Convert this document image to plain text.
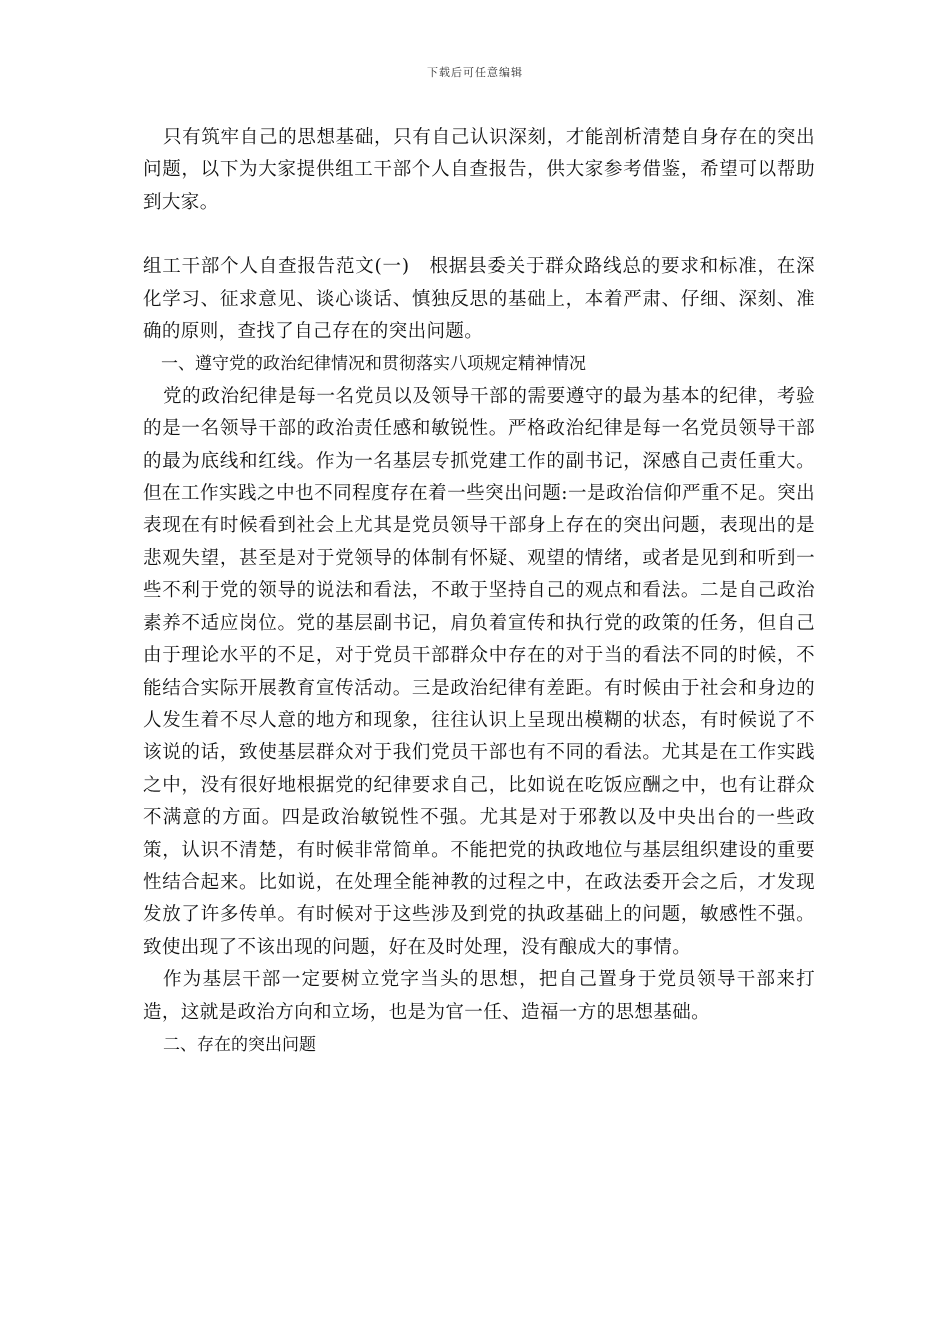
下载后可任意编辑

只有筑牢自己的思想基础，只有自己认识深刻，才能剖析清楚自身存在的突出问题，以下为大家提供组工干部个人自查报告，供大家参考借鉴，希望可以帮助到大家。

组工干部个人自查报告范文(一)   根据县委关于群众路线总的要求和标准，在深化学习、征求意见、谈心谈话、慎独反思的基础上，本着严肃、仔细、深刻、准确的原则，查找了自己存在的突出问题。

一、遵守党的政治纪律情况和贯彻落实八项规定精神情况

党的政治纪律是每一名党员以及领导干部的需要遵守的最为基本的纪律，考验的是一名领导干部的政治责任感和敏锐性。严格政治纪律是每一名党员领导干部的最为底线和红线。作为一名基层专抓党建工作的副书记，深感自己责任重大。但在工作实践之中也不同程度存在着一些突出问题:一是政治信仰严重不足。突出表现在有时候看到社会上尤其是党员领导干部身上存在的突出问题，表现出的是悲观失望，甚至是对于党领导的体制有怀疑、观望的情绪，或者是见到和听到一些不利于党的领导的说法和看法，不敢于坚持自己的观点和看法。二是自己政治素养不适应岗位。党的基层副书记，肩负着宣传和执行党的政策的任务，但自己由于理论水平的不足，对于党员干部群众中存在的对于当的看法不同的时候，不能结合实际开展教育宣传活动。三是政治纪律有差距。有时候由于社会和身边的人发生着不尽人意的地方和现象，往往认识上呈现出模糊的状态，有时候说了不该说的话，致使基层群众对于我们党员干部也有不同的看法。尤其是在工作实践之中，没有很好地根据党的纪律要求自己，比如说在吃饭应酬之中，也有让群众不满意的方面。四是政治敏锐性不强。尤其是对于邪教以及中央出台的一些政策，认识不清楚，有时候非常简单。不能把党的执政地位与基层组织建设的重要性结合起来。比如说，在处理全能神教的过程之中，在政法委开会之后，才发现发放了许多传单。有时候对于这些涉及到党的执政基础上的问题，敏感性不强。致使出现了不该出现的问题，好在及时处理，没有酿成大的事情。

作为基层干部一定要树立党字当头的思想，把自己置身于党员领导干部来打造，这就是政治方向和立场，也是为官一任、造福一方的思想基础。

二、存在的突出问题
